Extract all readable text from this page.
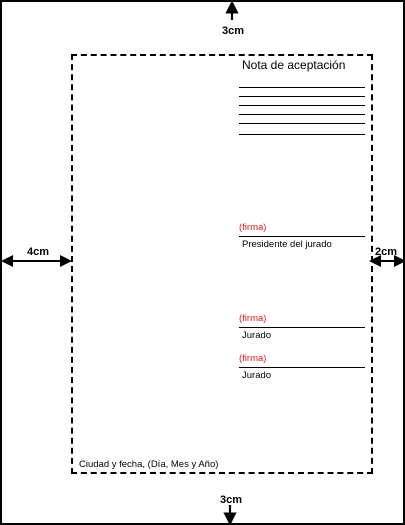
Nota de aceptación
(firma)
Presidente del jurado
(firma)
Jurado
(firma)
Jurado
Ciudad y fecha, (Día, Mes y Año)
3cm
3cm
4cm	2cm
